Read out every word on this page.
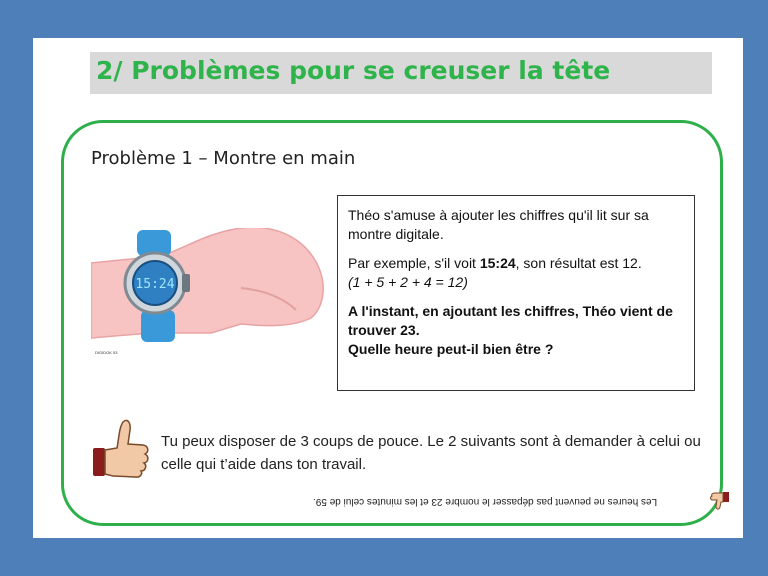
2/ Problèmes pour se creuser la tête
Problème 1 – Montre en main
15:24
DIGIDOK 53

Théo s'amuse à ajouter les chiffres qu'il lit sur sa montre digitale.

Par exemple, s'il voit 15:24, son résultat est 12.
(1 + 5 + 2 + 4 = 12)

A l'instant, en ajoutant les chiffres, Théo vient de trouver 23.

Quelle heure peut-il bien être ?

Tu peux disposer de 3 coups de pouce. Le 2 suivants sont à demander à celui ou celle qui t’aide dans ton travail.
Les heures ne peuvent pas dépasser le nombre 23 et les minutes celui de 59.
